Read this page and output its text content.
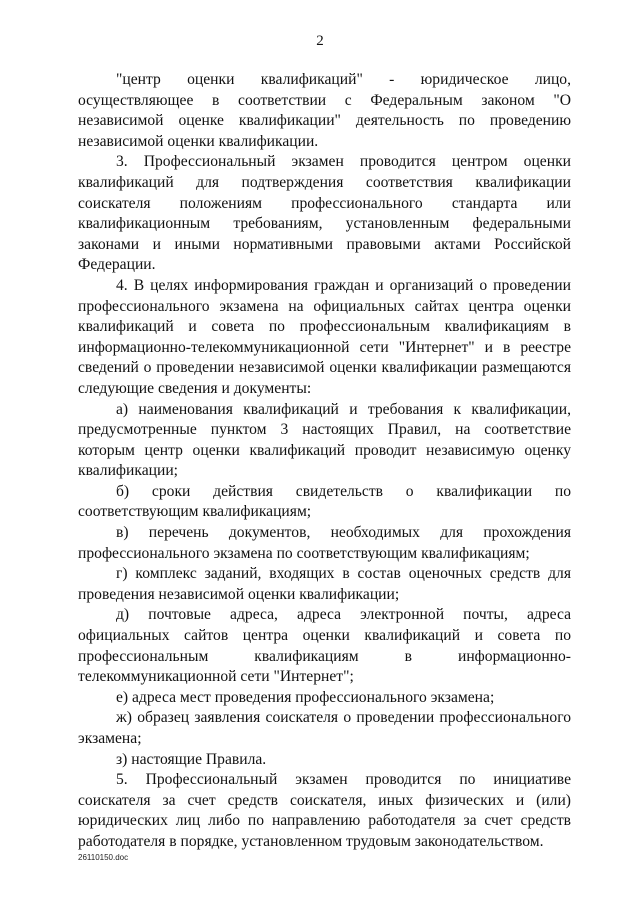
2

"центр оценки квалификаций" - юридическое лицо, осуществляющее в соответствии с Федеральным законом "О независимой оценке квалификации" деятельность по проведению независимой оценки квалификации.

3. Профессиональный экзамен проводится центром оценки квалификаций для подтверждения соответствия квалификации соискателя положениям профессионального стандарта или квалификационным требованиям, установленным федеральными законами и иными нормативными правовыми актами Российской Федерации.

4. В целях информирования граждан и организаций о проведении профессионального экзамена на официальных сайтах центра оценки квалификаций и совета по профессиональным квалификациям в информационно-телекоммуникационной сети "Интернет" и в реестре сведений о проведении независимой оценки квалификации размещаются следующие сведения и документы:

а) наименования квалификаций и требования к квалификации, предусмотренные пунктом 3 настоящих Правил, на соответствие которым центр оценки квалификаций проводит независимую оценку квалификации;

б) сроки действия свидетельств о квалификации по соответствующим квалификациям;

в) перечень документов, необходимых для прохождения профессионального экзамена по соответствующим квалификациям;

г) комплекс заданий, входящих в состав оценочных средств для проведения независимой оценки квалификации;

д) почтовые адреса, адреса электронной почты, адреса официальных сайтов центра оценки квалификаций и совета по профессиональным квалификациям в информационно-телекоммуникационной сети "Интернет";

е) адреса мест проведения профессионального экзамена;

ж) образец заявления соискателя о проведении профессионального экзамена;

з) настоящие Правила.

5. Профессиональный экзамен проводится по инициативе соискателя за счет средств соискателя, иных физических и (или) юридических лиц либо по направлению работодателя за счет средств работодателя в порядке, установленном трудовым законодательством.

26110150.doc
